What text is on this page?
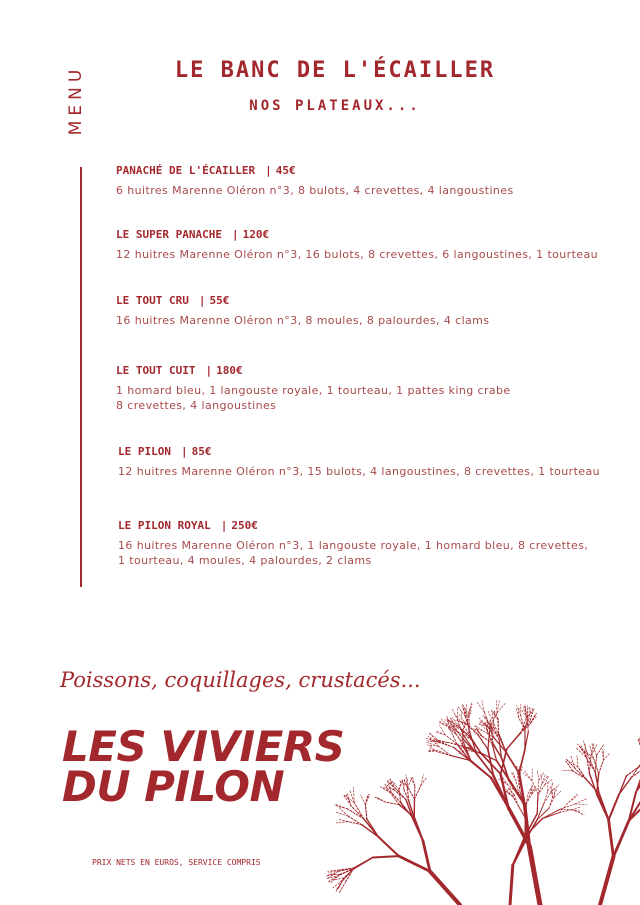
MENU	LE BANC DE L'ÉCAILLER
NOS PLATEAUX...
PANACHÉ DE L'ÉCAILLER | 45€
6 huitres Marenne Oléron n°3, 8 bulots, 4 crevettes, 4 langoustines
LE SUPER PANACHE | 120€
12 huitres Marenne Oléron n°3, 16 bulots, 8 crevettes, 6 langoustines, 1 tourteau
LE TOUT CRU | 55€
16 huitres Marenne Oléron n°3, 8 moules, 8 palourdes, 4 clams
LE TOUT CUIT | 180€
1 homard bleu, 1 langouste royale, 1 tourteau, 1 pattes king crabe
8 crevettes, 4 langoustines
LE PILON | 85€
12 huitres Marenne Oléron n°3, 15 bulots, 4 langoustines, 8 crevettes, 1 tourteau
LE PILON ROYAL | 250€
16 huitres Marenne Oléron n°3, 1 langouste royale, 1 homard bleu, 8 crevettes,
1 tourteau, 4 moules, 4 palourdes, 2 clams
Poissons, coquillages, crustacés...
LES VIVIERS
DU PILON
PRIX NETS EN EUROS, SERVICE COMPRIS
